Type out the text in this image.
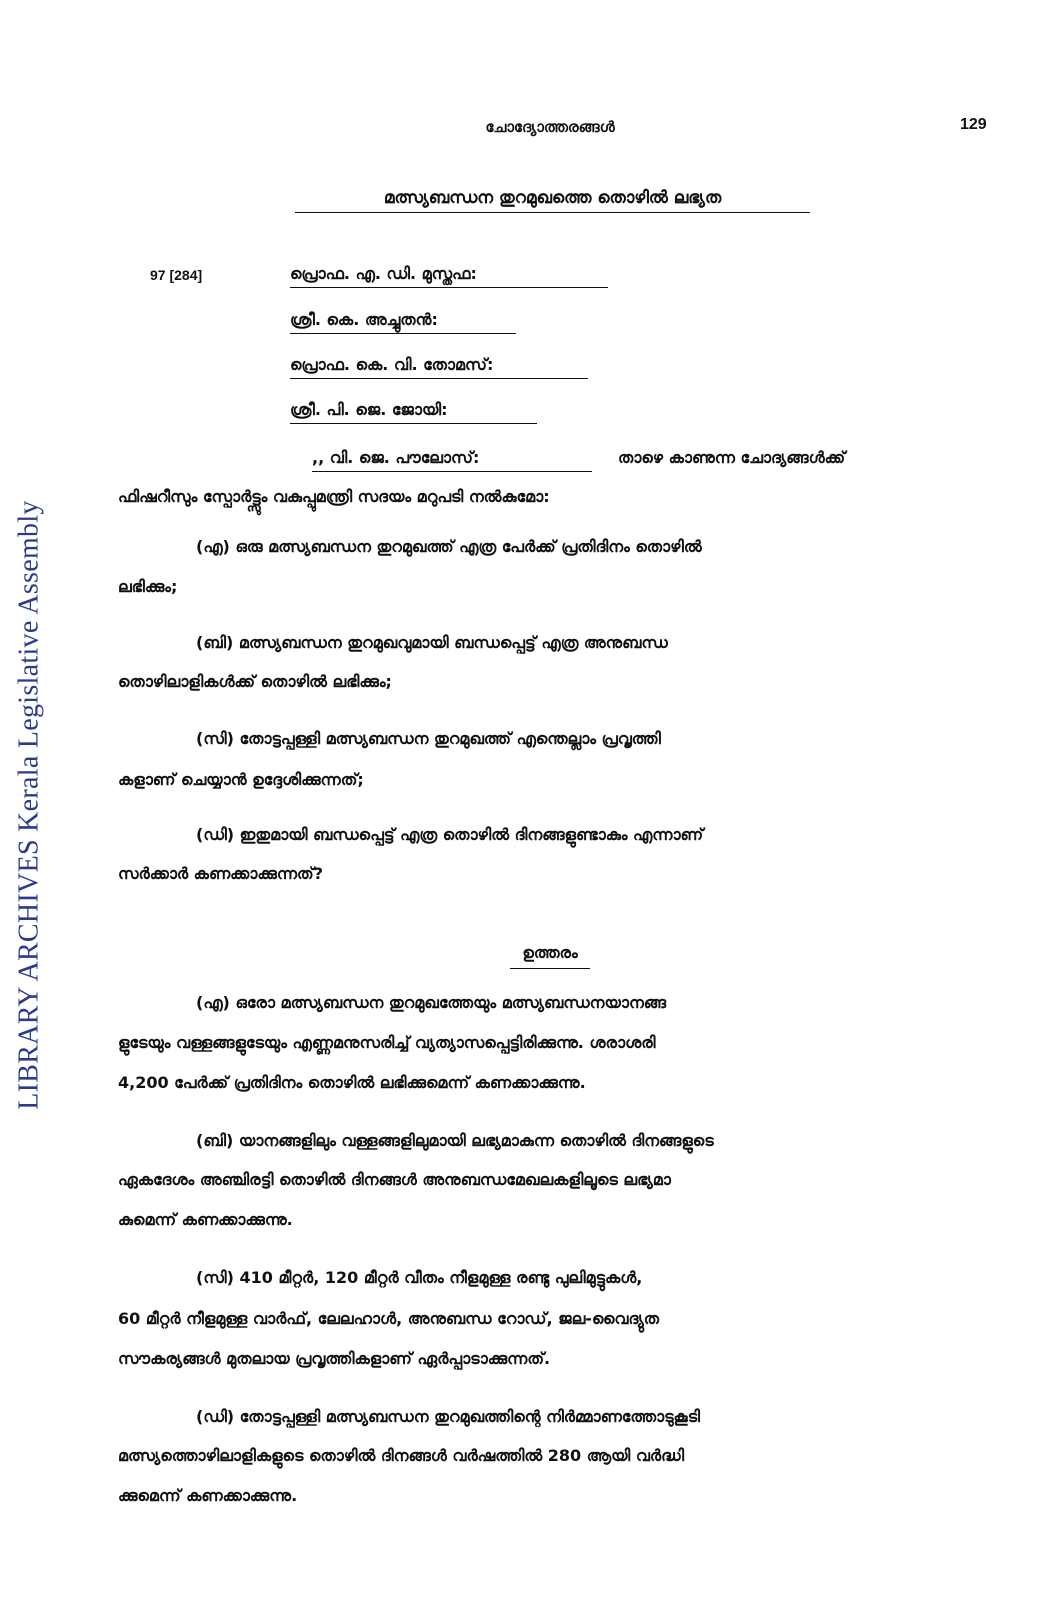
LIBRARY ARCHIVES Kerala Legislative Assembly
ചോദ്യോത്തരങ്ങൾ	129
മത്സ്യബന്ധന തുറമുഖത്തെ തൊഴിൽ ലഭ്യത
97 [284]	പ്രൊഫ. എ. ഡി. മുസ്തഫ:
ശ്രീ. കെ. അച്ചുതൻ:
പ്രൊഫ. കെ. വി. തോമസ്:
ശ്രീ. പി. ജെ. ജോയി:
,, വി. ജെ. പൗലോസ്:	താഴെ കാണുന്ന ചോദ്യങ്ങൾക്ക്
ഫിഷറീസും സ്പോർട്ട്സും വകുപ്പുമന്ത്രി സദയം മറുപടി നൽകുമോ:
(എ) ഒരു മത്സ്യബന്ധന തുറമുഖത്ത് എത്ര പേർക്ക് പ്രതിദിനം തൊഴിൽ
ലഭിക്കും;
(ബി) മത്സ്യബന്ധന തുറമുഖവുമായി ബന്ധപ്പെട്ട് എത്ര അനുബന്ധ
തൊഴിലാളികൾക്ക് തൊഴിൽ ലഭിക്കും;
(സി) തോട്ടപ്പള്ളി മത്സ്യബന്ധന തുറമുഖത്ത് എന്തെല്ലാം പ്രവൃത്തി
കളാണ് ചെയ്യാൻ ഉദ്ദേശിക്കുന്നത്;
(ഡി) ഇതുമായി ബന്ധപ്പെട്ട് എത്ര തൊഴിൽ ദിനങ്ങളുണ്ടാകും എന്നാണ്
സർക്കാർ കണക്കാക്കുന്നത്?
ഉത്തരം
(എ) ഒരോ മത്സ്യബന്ധന തുറമുഖത്തേയും മത്സ്യബന്ധനയാനങ്ങ
ളുടേയും വള്ളങ്ങളുടേയും എണ്ണമനുസരിച്ച് വ്യത്യാസപ്പെട്ടിരിക്കുന്നു. ശരാശരി
4,200 പേർക്ക് പ്രതിദിനം തൊഴിൽ ലഭിക്കുമെന്ന് കണക്കാക്കുന്നു.
(ബി) യാനങ്ങളിലും വള്ളങ്ങളിലുമായി ലഭ്യമാകുന്ന തൊഴിൽ ദിനങ്ങളുടെ
ഏകദേശം അഞ്ചിരട്ടി തൊഴിൽ ദിനങ്ങൾ അനുബന്ധമേഖലകളിലൂടെ ലഭ്യമാ
കുമെന്ന് കണക്കാക്കുന്നു.
(സി) 410 മീറ്റർ, 120 മീറ്റർ വീതം നീളമുള്ള രണ്ടു പുലിമുട്ടുകൾ,
60 മീറ്റർ നീളമുള്ള വാർഫ്, ലേലഹാൾ, അനുബന്ധ റോഡ്, ജല-വൈദ്യുത
സൗകര്യങ്ങൾ മുതലായ പ്രവൃത്തികളാണ് ഏർപ്പാടാക്കുന്നത്.
(ഡി) തോട്ടപ്പള്ളി മത്സ്യബന്ധന തുറമുഖത്തിന്റെ നിർമ്മാണത്തോടുകൂടി
മത്സ്യത്തൊഴിലാളികളുടെ തൊഴിൽ ദിനങ്ങൾ വർഷത്തിൽ 280 ആയി വർദ്ധി
ക്കുമെന്ന് കണക്കാക്കുന്നു.
